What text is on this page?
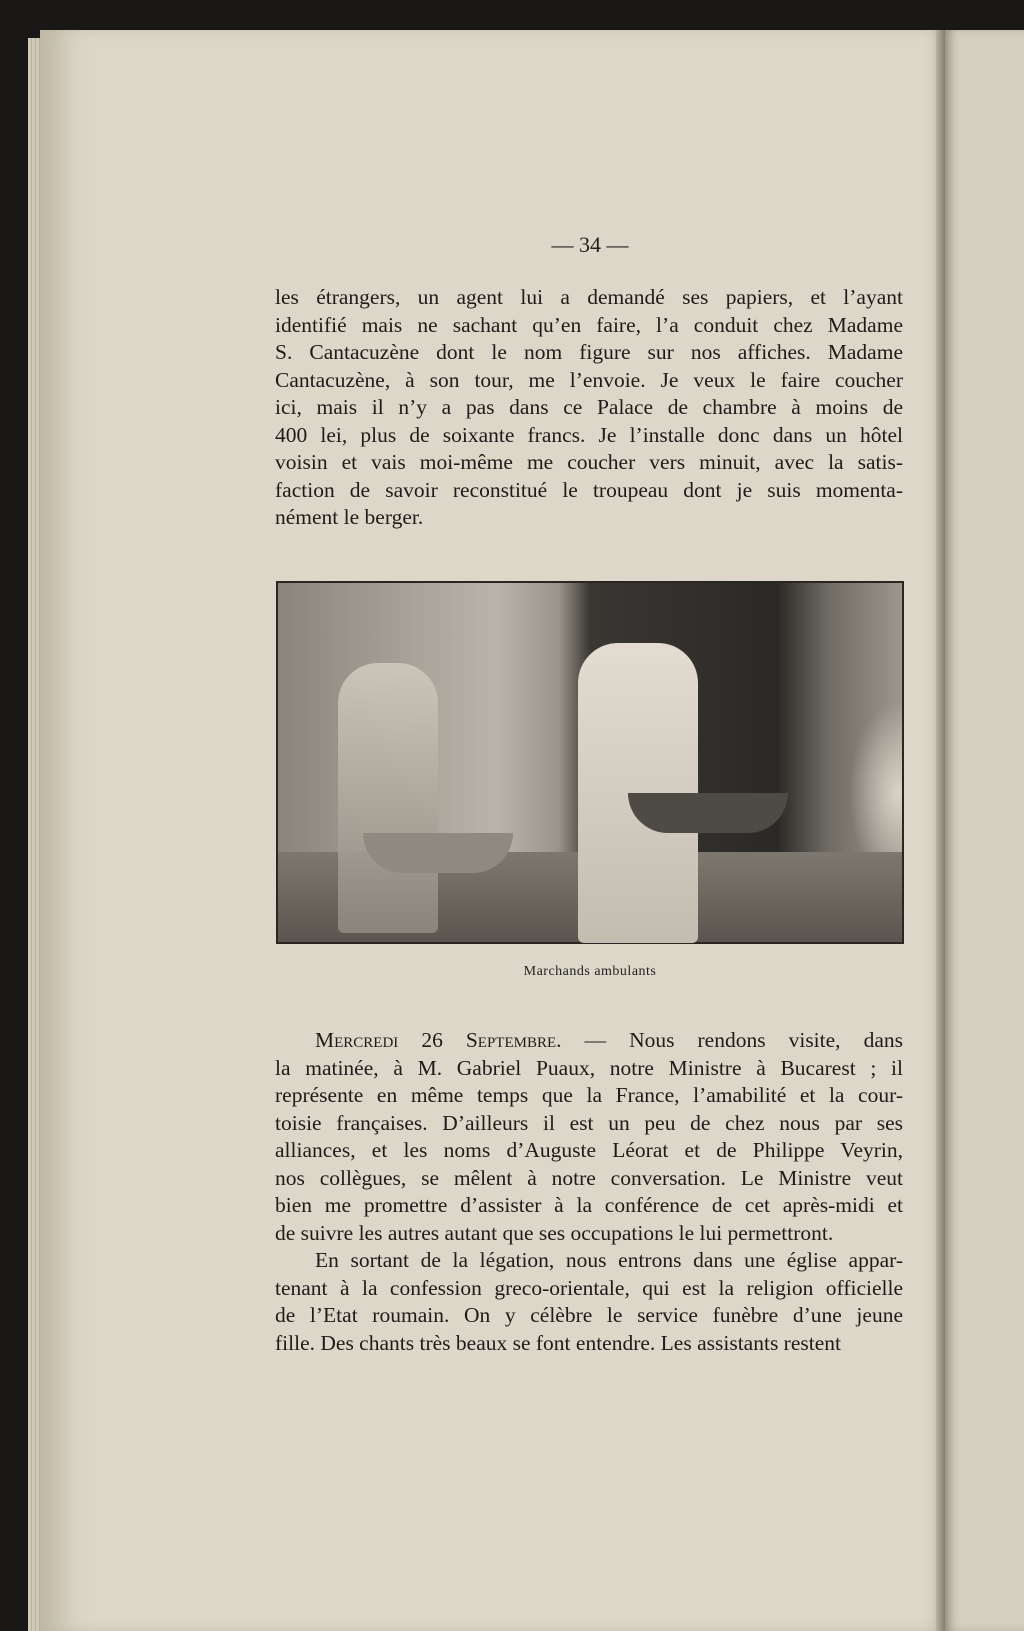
— 34 —
les étrangers, un agent lui a demandé ses papiers, et l’ayant
identifié mais ne sachant qu’en faire, l’a conduit chez Madame
S. Cantacuzène dont le nom figure sur nos affiches. Madame
Cantacuzène, à son tour, me l’envoie. Je veux le faire coucher
ici, mais il n’y a pas dans ce Palace de chambre à moins de
400 lei, plus de soixante francs. Je l’installe donc dans un hôtel
voisin et vais moi-même me coucher vers minuit, avec la satis-
faction de savoir reconstitué le troupeau dont je suis momenta-
nément le berger.
Marchands ambulants
Mercredi 26 Septembre. — Nous rendons visite, dans
la matinée, à M. Gabriel Puaux, notre Ministre à Bucarest ; il
représente en même temps que la France, l’amabilité et la cour-
toisie françaises. D’ailleurs il est un peu de chez nous par ses
alliances, et les noms d’Auguste Léorat et de Philippe Veyrin,
nos collègues, se mêlent à notre conversation. Le Ministre veut
bien me promettre d’assister à la conférence de cet après-midi et
de suivre les autres autant que ses occupations le lui permettront.
En sortant de la légation, nous entrons dans une église appar-
tenant à la confession greco-orientale, qui est la religion officielle
de l’Etat roumain. On y célèbre le service funèbre d’une jeune
fille. Des chants très beaux se font entendre. Les assistants restent
